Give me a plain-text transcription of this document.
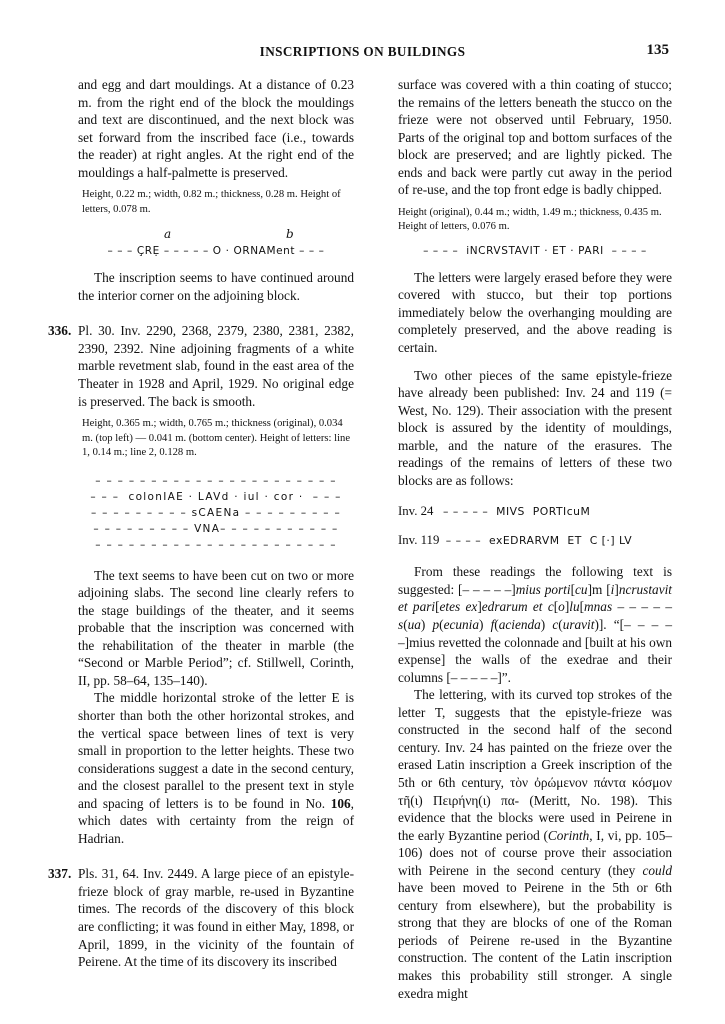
INSCRIPTIONS ON BUILDINGS	135

and egg and dart mouldings. At a distance of 0.23 m. from the right end of the block the mouldings and text are discontinued, and the next block was set forward from the inscribed face (i.e., towards the reader) at right angles. At the right end of the mouldings a half-palmette is preserved.

Height, 0.22 m.; width, 0.82 m.; thickness, 0.28 m. Height of letters, 0.078 m.

a	b

– – – ÇRẸ – – – – – O · ORNAMent – – –

The inscription seems to have continued around the interior corner on the adjoining block.

336. Pl. 30. Inv. 2290, 2368, 2379, 2380, 2381, 2382, 2390, 2392. Nine adjoining fragments of a white marble revetment slab, found in the east area of the Theater in 1928 and April, 1929. No original edge is preserved. The back is smooth.

Height, 0.365 m.; width, 0.765 m.; thickness (original), 0.034 m. (top left) — 0.041 m. (bottom center). Height of letters: line 1, 0.14 m.; line 2, 0.128 m.

– – – – – – – – – – – – – – – – – – – – – –
– – –  colonIAE · LAVd · iul · cor ·  – – –
– – – – – – – – – sCAENa – – – – – – – – –
– – – – – – – – – VNA– – – – – – – – – – –
– – – – – – – – – – – – – – – – – – – – – –

The text seems to have been cut on two or more adjoining slabs. The second line clearly refers to the stage buildings of the theater, and it seems probable that the inscription was concerned with the rehabilitation of the theater in marble (the “Second or Marble Period”; cf. Stillwell, Corinth, II, pp. 58–64, 135–140).

The middle horizontal stroke of the letter E is shorter than both the other horizontal strokes, and the vertical space between lines of text is very small in proportion to the letter heights. These two considerations suggest a date in the second century, and the closest parallel to the present text in style and spacing of letters is to be found in No. 106, which dates with certainty from the reign of Hadrian.

337. Pls. 31, 64. Inv. 2449. A large piece of an epistyle-frieze block of gray marble, re-used in Byzantine times. The records of the discovery of this block are conflicting; it was found in either May, 1898, or April, 1899, in the vicinity of the fountain of Peirene. At the time of its discovery its inscribed

surface was covered with a thin coating of stucco; the remains of the letters beneath the stucco on the frieze were not observed until February, 1950. Parts of the original top and bottom surfaces of the block are preserved; and are lightly picked. The ends and back were partly cut away in the period of re-use, and the top front edge is badly chipped.

Height (original), 0.44 m.; width, 1.49 m.; thickness, 0.435 m. Height of letters, 0.076 m.

– – – –  iNCRVSTAVIT · ET · PARI  – – – –

The letters were largely erased before they were covered with stucco, but their top portions immediately below the overhanging moulding are completely preserved, and the above reading is certain.

Two other pieces of the same epistyle-frieze have already been published: Inv. 24 and 119 (= West, No. 129). Their association with the present block is assured by the identity of mouldings, marble, and the nature of the erasures. The readings of the remains of letters of these two blocks are as follows:

Inv. 24 – – – – –  MIVS  PORTIcuM
Inv. 119 – – – –  exEDRARVM  ET  C [·] LV

From these readings the following text is suggested: [– – – – –]mius porti[cu]m [i]ncrustavit et pari[etes ex]edrarum et c[o]lu[mnas – – – – – s(ua) p(ecunia) f(acienda) c(uravit)]. “[– – – – –]mius revetted the colonnade and [built at his own expense] the walls of the exedrae and their columns [– – – – –]”.

The lettering, with its curved top strokes of the letter T, suggests that the epistyle-frieze was constructed in the second half of the second century. Inv. 24 has painted on the frieze over the erased Latin inscription a Greek inscription of the 5th or 6th century, τὸν ὀρώμενον πάντα κόσμον τῆ(ι) Πειρήνη(ι) πα- (Meritt, No. 198). This evidence that the blocks were used in Peirene in the early Byzantine period (Corinth, I, vi, pp. 105–106) does not of course prove their association with Peirene in the second century (they could have been moved to Peirene in the 5th or 6th century from elsewhere), but the probability is strong that they are blocks of one of the Roman periods of Peirene re-used in the Byzantine construction. The content of the Latin inscription makes this probability still stronger. A single exedra might
